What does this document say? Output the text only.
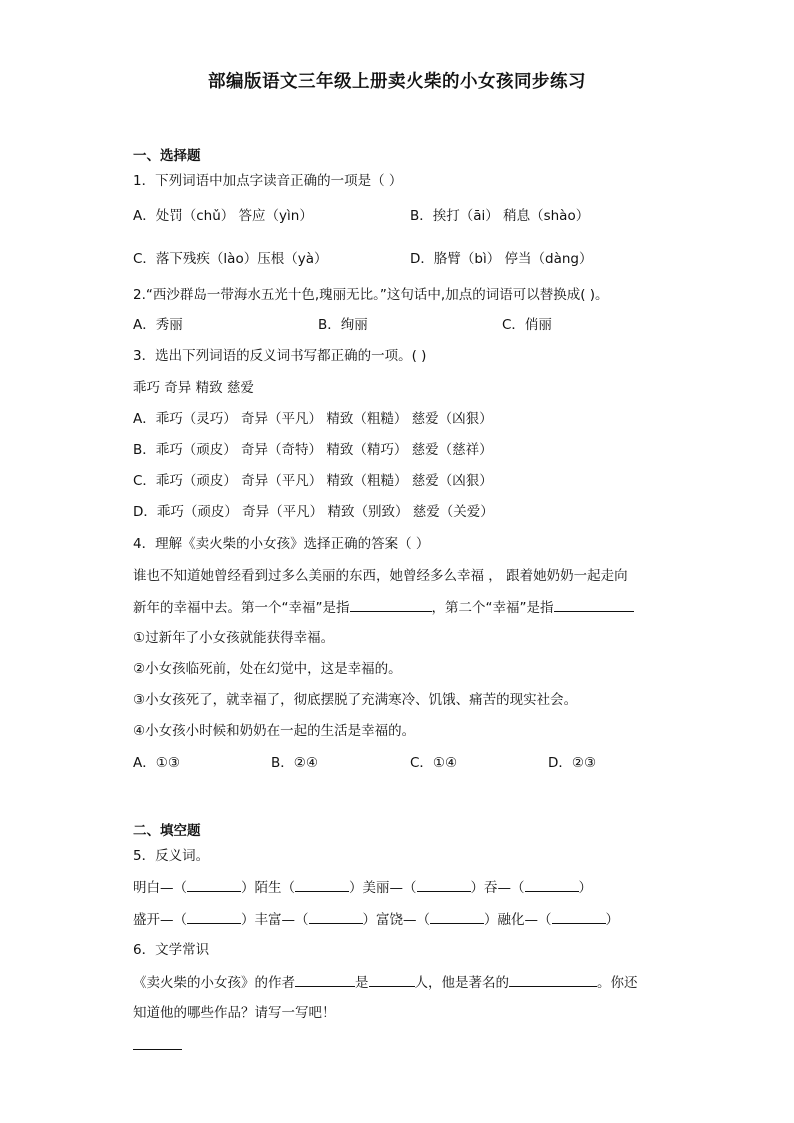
部编版语文三年级上册卖火柴的小女孩同步练习
一、选择题
1．下列词语中加点字读音正确的一项是（ ）
A．处罚（chǔ） 答应（yìn）	B．挨打（āi） 稍息（shào）
C．落下残疾（lào）压根（yà）	D．胳臂（bì） 停当（dàng）
2.“西沙群岛一带海水五光十色,瑰丽无比。”这句话中,加点的词语可以替换成( )。
A．秀丽	B．绚丽	C．俏丽
3．选出下列词语的反义词书写都正确的一项。( )
乖巧 奇异 精致 慈爱
A．乖巧（灵巧） 奇异（平凡） 精致（粗糙） 慈爱（凶狠）
B．乖巧（顽皮） 奇异（奇特） 精致（精巧） 慈爱（慈祥）
C．乖巧（顽皮） 奇异（平凡） 精致（粗糙） 慈爱（凶狠）
D．乖巧（顽皮） 奇异（平凡） 精致（别致） 慈爱（关爱）
4．理解《卖火柴的小女孩》选择正确的答案（ ）
谁也不知道她曾经看到过多么美丽的东西，她曾经多么幸福 ， 跟着她奶奶一起走向
新年的幸福中去。第一个“幸福”是指	，第二个“幸福”是指
①过新年了小女孩就能获得幸福。
②小女孩临死前，处在幻觉中，这是幸福的。
③小女孩死了，就幸福了，彻底摆脱了充满寒冷、饥饿、痛苦的现实社会。
④小女孩小时候和奶奶在一起的生活是幸福的。
A．①③	B．②④	C．①④	D．②③
二、填空题
5．反义词。
明白—（	）陌生（	）美丽—（	）吞—（	）
盛开—（	）丰富—（	）富饶—（	）融化—（	）
6．文学常识
《卖火柴的小女孩》的作者	是	人，他是著名的	。你还
知道他的哪些作品？请写一写吧！
